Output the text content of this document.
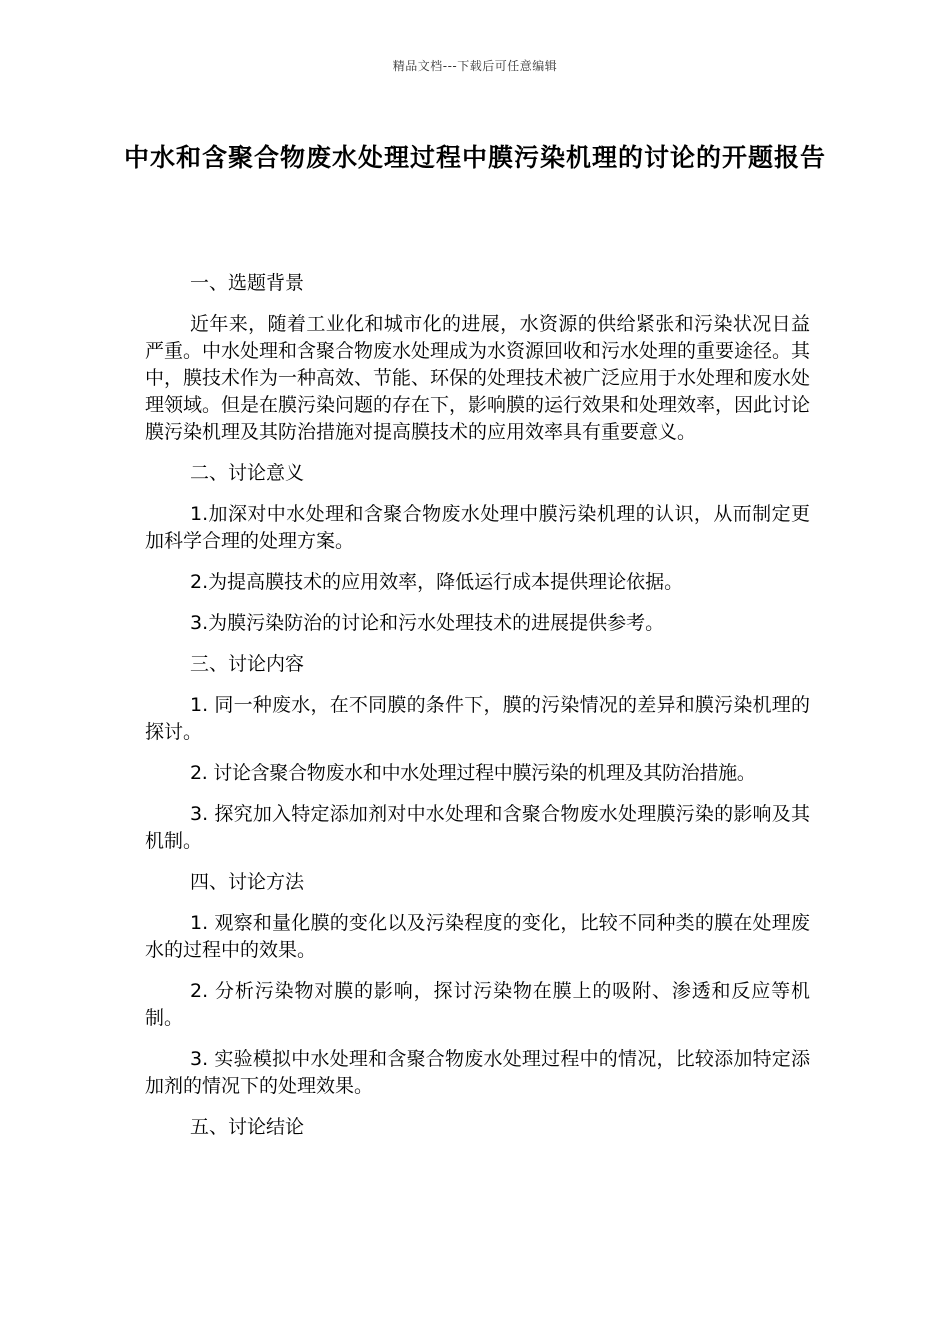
精品文档---下载后可任意编辑
中水和含聚合物废水处理过程中膜污染机理的讨论的开题报告
一、选题背景
近年来，随着工业化和城市化的进展，水资源的供给紧张和污染状况日益严重。中水处理和含聚合物废水处理成为水资源回收和污水处理的重要途径。其中，膜技术作为一种高效、节能、环保的处理技术被广泛应用于水处理和废水处理领域。但是在膜污染问题的存在下，影响膜的运行效果和处理效率，因此讨论膜污染机理及其防治措施对提高膜技术的应用效率具有重要意义。
二、讨论意义
1.加深对中水处理和含聚合物废水处理中膜污染机理的认识，从而制定更加科学合理的处理方案。
2.为提高膜技术的应用效率，降低运行成本提供理论依据。
3.为膜污染防治的讨论和污水处理技术的进展提供参考。
三、讨论内容
1. 同一种废水，在不同膜的条件下，膜的污染情况的差异和膜污染机理的探讨。
2. 讨论含聚合物废水和中水处理过程中膜污染的机理及其防治措施。
3. 探究加入特定添加剂对中水处理和含聚合物废水处理膜污染的影响及其机制。
四、讨论方法
1. 观察和量化膜的变化以及污染程度的变化，比较不同种类的膜在处理废水的过程中的效果。
2. 分析污染物对膜的影响，探讨污染物在膜上的吸附、渗透和反应等机制。
3. 实验模拟中水处理和含聚合物废水处理过程中的情况，比较添加特定添加剂的情况下的处理效果。
五、讨论结论
